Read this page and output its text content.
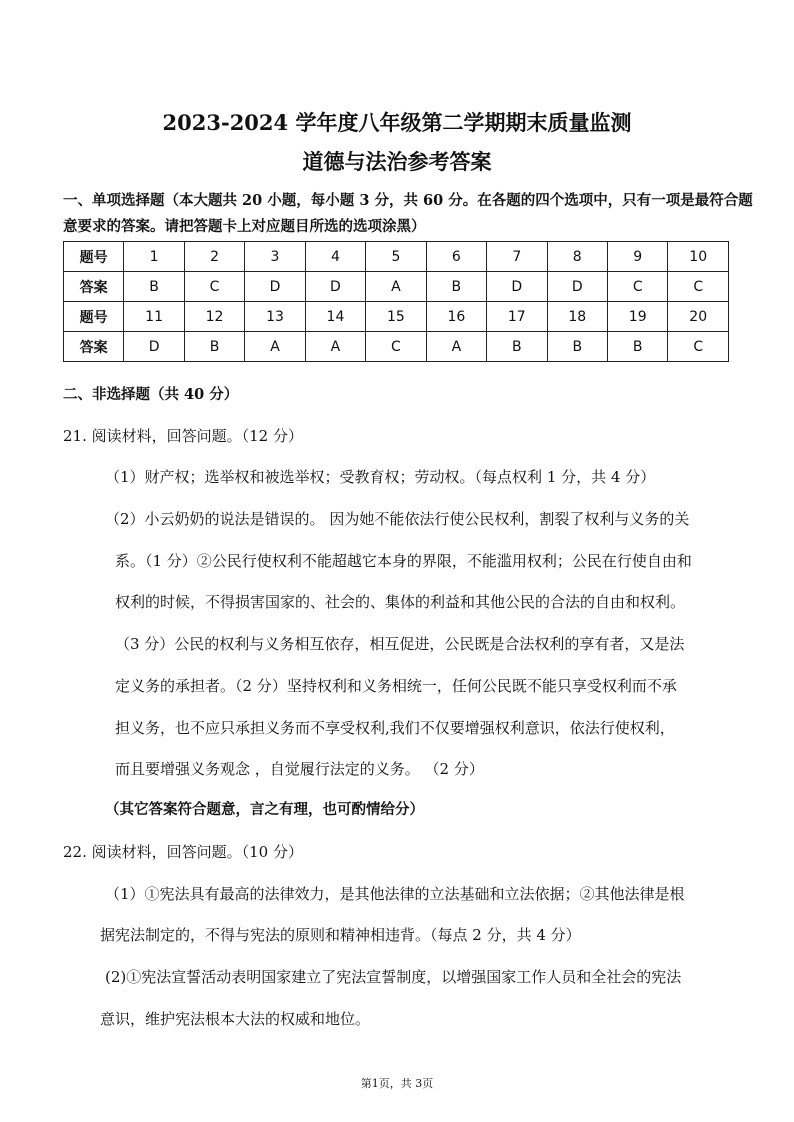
2023-2024 学年度八年级第二学期期末质量监测
道德与法治参考答案
一、单项选择题（本大题共 20 小题，每小题 3 分，共 60 分。在各题的四个选项中，只有一项是最符合题
意要求的答案。请把答题卡上对应题目所选的选项涂黑）
题号	1	2	3	4	5	6	7	8	9	10
答案	B	C	D	D	A	B	D	D	C	C
题号	11	12	13	14	15	16	17	18	19	20
答案	D	B	A	A	C	A	B	B	B	C
二、非选择题（共 40 分）
21. 阅读材料，回答问题。（12 分）
（1）财产权；选举权和被选举权；受教育权；劳动权。（每点权利 1 分，共 4 分）
（2）小云奶奶的说法是错误的。 因为她不能依法行使公民权利，割裂了权利与义务的关
系。（1 分）②公民行使权利不能超越它本身的界限，不能滥用权利；公民在行使自由和
权利的时候，不得损害国家的、社会的、集体的利益和其他公民的合法的自由和权利。
（3 分）公民的权利与义务相互依存，相互促进，公民既是合法权利的享有者，又是法
定义务的承担者。（2 分）坚持权利和义务相统一，任何公民既不能只享受权利而不承
担义务，也不应只承担义务而不享受权利,我们不仅要增强权利意识，依法行使权利，
而且要增强义务观念 ，自觉履行法定的义务。 （2 分）
（其它答案符合题意，言之有理，也可酌情给分）
22. 阅读材料，回答问题。（10 分）
（1）①宪法具有最高的法律效力，是其他法律的立法基础和立法依据；②其他法律是根
据宪法制定的，不得与宪法的原则和精神相违背。（每点 2 分，共 4 分）
(2)①宪法宣誓活动表明国家建立了宪法宣誓制度，以增强国家工作人员和全社会的宪法
意识，维护宪法根本大法的权威和地位。
第1页，共 3页
